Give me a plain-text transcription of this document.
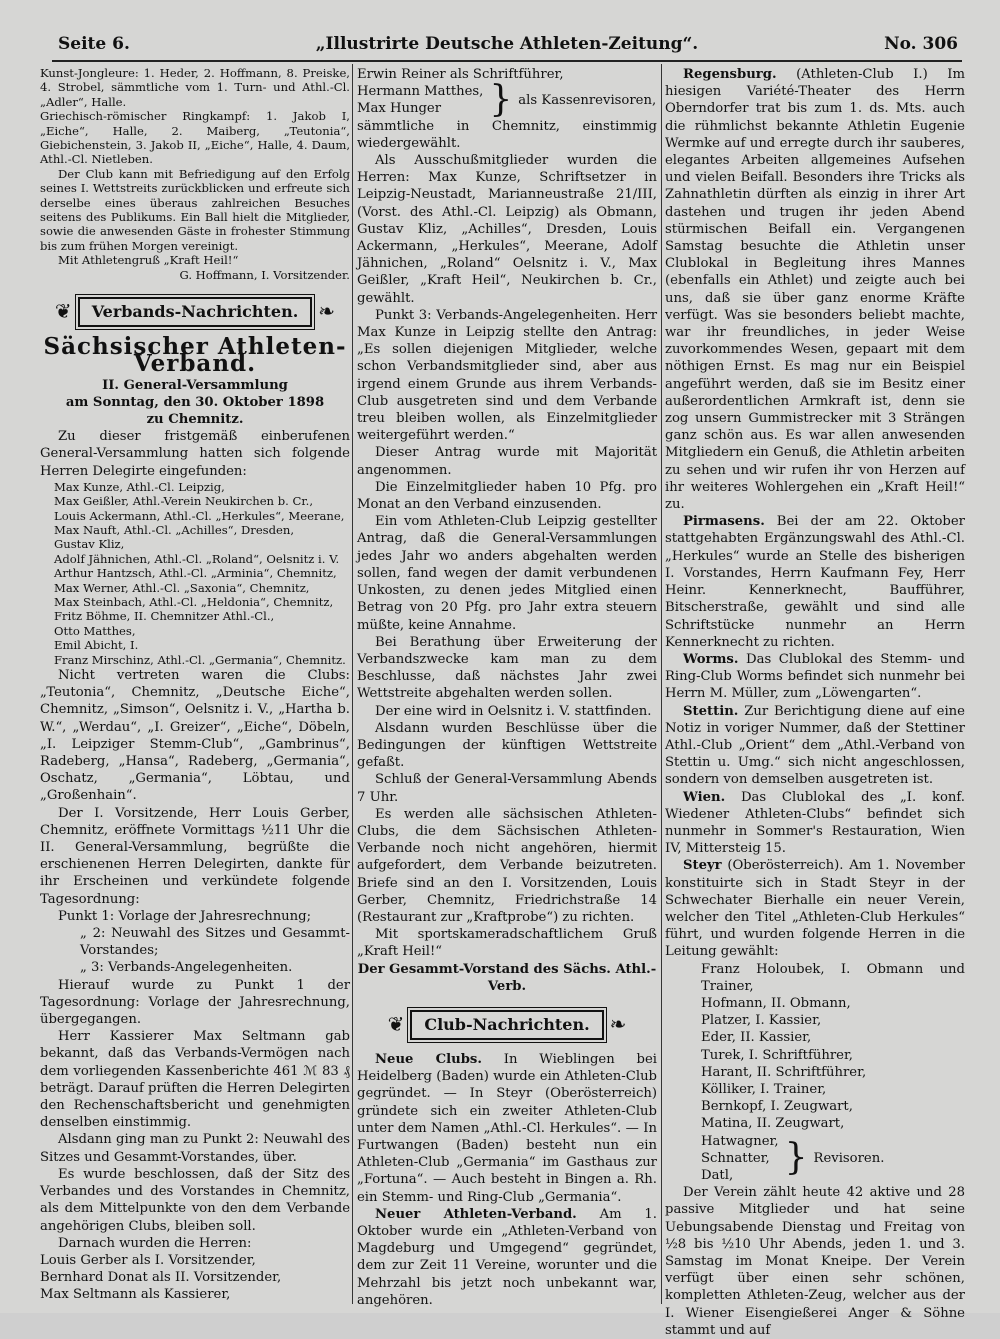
Seite 6.	„Illustrirte Deutsche Athleten-Zeitung“.	No. 306

Kunst-Jongleure: 1. Heder, 2. Hoffmann, 8. Preiske, 4. Strobel, sämmtliche vom 1. Turn- und Athl.-Cl. „Adler“, Halle.

Griechisch-römischer Ringkampf: 1. Jakob I, „Eiche“, Halle, 2. Maiberg, „Teutonia“, Giebichenstein, 3. Jakob II, „Eiche“, Halle, 4. Daum, Athl.-Cl. Nietleben.

Der Club kann mit Befriedigung auf den Erfolg seines I. Wettstreits zurückblicken und erfreute sich derselbe eines überaus zahlreichen Besuches seitens des Publikums. Ein Ball hielt die Mitglieder, sowie die anwesenden Gäste in frohester Stimmung bis zum frühen Morgen vereinigt.

Mit Athletengruß „Kraft Heil!“

G. Hoffmann, I. Vorsitzender.

❦	Verbands-Nachrichten.	❧
Sächsischer Athleten-Verband.
II. General-Versammlung
am Sonntag, den 30. Oktober 1898
zu Chemnitz.

Zu dieser fristgemäß einberufenen General-Versammlung hatten sich folgende Herren Delegirte eingefunden:

Max Kunze, Athl.-Cl. Leipzig,
Max Geißler, Athl.-Verein Neukirchen b. Cr.,
Louis Ackermann, Athl.-Cl. „Herkules“, Meerane,
Max Nauft, Athl.-Cl. „Achilles“, Dresden,
Gustav Kliz,
Adolf Jähnichen, Athl.-Cl. „Roland“, Oelsnitz i. V.
Arthur Hantzsch, Athl.-Cl. „Arminia“, Chemnitz,
Max Werner, Athl.-Cl. „Saxonia“, Chemnitz,
Max Steinbach, Athl.-Cl. „Heldonia“, Chemnitz,
Fritz Böhme, II. Chemnitzer Athl.-Cl.,
Otto Matthes,
Emil Abicht, I.
Franz Mirschinz, Athl.-Cl. „Germania“, Chemnitz.

Nicht vertreten waren die Clubs: „Teutonia“, Chemnitz, „Deutsche Eiche“, Chemnitz, „Simson“, Oelsnitz i. V., „Hartha b. W.“, „Werdau“, „I. Greizer“, „Eiche“, Döbeln, „I. Leipziger Stemm-Club“, „Gambrinus“, Radeberg, „Hansa“, Radeberg, „Germania“, Oschatz, „Germania“, Löbtau, und „Großenhain“.

Der I. Vorsitzende, Herr Louis Gerber, Chemnitz, eröffnete Vormittags ½11 Uhr die II. General-Versammlung, begrüßte die erschienenen Herren Delegirten, dankte für ihr Erscheinen und verkündete folgende Tagesordnung:

Punkt 1: Vorlage der Jahresrechnung;
„ 2: Neuwahl des Sitzes und Gesammt-Vorstandes;
„ 3: Verbands-Angelegenheiten.

Hierauf wurde zu Punkt 1 der Tagesordnung: Vorlage der Jahresrechnung, übergegangen.

Herr Kassierer Max Seltmann gab bekannt, daß das Verbands-Vermögen nach dem vorliegenden Kassenberichte 461 ℳ 83 ₰ beträgt. Darauf prüften die Herren Delegirten den Rechenschaftsbericht und genehmigten denselben einstimmig.

Alsdann ging man zu Punkt 2: Neuwahl des Sitzes und Gesammt-Vorstandes, über.

Es wurde beschlossen, daß der Sitz des Verbandes und des Vorstandes in Chemnitz, als dem Mittelpunkte von den dem Verbande angehörigen Clubs, bleiben soll.

Darnach wurden die Herren:

Louis Gerber als I. Vorsitzender,
Bernhard Donat als II. Vorsitzender,
Max Seltmann als Kassierer,
Erwin Reiner als Schriftführer,
Hermann Matthes,
Max Hunger	} als Kassenrevisoren,

sämmtliche in Chemnitz, einstimmig wiedergewählt.

Als Ausschußmitglieder wurden die Herren: Max Kunze, Schriftsetzer in Leipzig-Neustadt, Marianneustraße 21/III, (Vorst. des Athl.-Cl. Leipzig) als Obmann, Gustav Kliz, „Achilles“, Dresden, Louis Ackermann, „Herkules“, Meerane, Adolf Jähnichen, „Roland“ Oelsnitz i. V., Max Geißler, „Kraft Heil“, Neukirchen b. Cr., gewählt.

Punkt 3: Verbands-Angelegenheiten. Herr Max Kunze in Leipzig stellte den Antrag: „Es sollen diejenigen Mitglieder, welche schon Verbandsmitglieder sind, aber aus irgend einem Grunde aus ihrem Verbands-Club ausgetreten sind und dem Verbande treu bleiben wollen, als Einzelmitglieder weitergeführt werden.“

Dieser Antrag wurde mit Majorität angenommen.

Die Einzelmitglieder haben 10 Pfg. pro Monat an den Verband einzusenden.

Ein vom Athleten-Club Leipzig gestellter Antrag, daß die General-Versammlungen jedes Jahr wo anders abgehalten werden sollen, fand wegen der damit verbundenen Unkosten, zu denen jedes Mitglied einen Betrag von 20 Pfg. pro Jahr extra steuern müßte, keine Annahme.

Bei Berathung über Erweiterung der Verbandszwecke kam man zu dem Beschlusse, daß nächstes Jahr zwei Wettstreite abgehalten werden sollen.

Der eine wird in Oelsnitz i. V. stattfinden.

Alsdann wurden Beschlüsse über die Bedingungen der künftigen Wettstreite gefaßt.

Schluß der General-Versammlung Abends 7 Uhr.

Es werden alle sächsischen Athleten-Clubs, die dem Sächsischen Athleten-Verbande noch nicht angehören, hiermit aufgefordert, dem Verbande beizutreten. Briefe sind an den I. Vorsitzenden, Louis Gerber, Chemnitz, Friedrichstraße 14 (Restaurant zur „Kraftprobe“) zu richten.

Mit sportskameradschaftlichem Gruß „Kraft Heil!“

Der Gesammt-Vorstand des Sächs. Athl.-Verb.

❦	Club-Nachrichten.	❧

Neue Clubs. In Wieblingen bei Heidelberg (Baden) wurde ein Athleten-Club gegründet. — In Steyr (Oberösterreich) gründete sich ein zweiter Athleten-Club unter dem Namen „Athl.-Cl. Herkules“. — In Furtwangen (Baden) besteht nun ein Athleten-Club „Germania“ im Gasthaus zur „Fortuna“. — Auch besteht in Bingen a. Rh. ein Stemm- und Ring-Club „Germania“.

Neuer Athleten-Verband. Am 1. Oktober wurde ein „Athleten-Verband von Magdeburg und Umgegend“ gegründet, dem zur Zeit 11 Vereine, worunter und die Mehrzahl bis jetzt noch unbekannt war, angehören.

Regensburg. (Athleten-Club I.) Im hiesigen Variété-Theater des Herrn Oberndorfer trat bis zum 1. ds. Mts. auch die rühmlichst bekannte Athletin Eugenie Wermke auf und erregte durch ihr sauberes, elegantes Arbeiten allgemeines Aufsehen und vielen Beifall. Besonders ihre Tricks als Zahnathletin dürften als einzig in ihrer Art dastehen und trugen ihr jeden Abend stürmischen Beifall ein. Vergangenen Samstag besuchte die Athletin unser Clublokal in Begleitung ihres Mannes (ebenfalls ein Athlet) und zeigte auch bei uns, daß sie über ganz enorme Kräfte verfügt. Was sie besonders beliebt machte, war ihr freundliches, in jeder Weise zuvorkommendes Wesen, gepaart mit dem nöthigen Ernst. Es mag nur ein Beispiel angeführt werden, daß sie im Besitz einer außerordentlichen Armkraft ist, denn sie zog unsern Gummistrecker mit 3 Strängen ganz schön aus. Es war allen anwesenden Mitgliedern ein Genuß, die Athletin arbeiten zu sehen und wir rufen ihr von Herzen auf ihr weiteres Wohlergehen ein „Kraft Heil!“ zu.

Pirmasens. Bei der am 22. Oktober stattgehabten Ergänzungswahl des Athl.-Cl. „Herkules“ wurde an Stelle des bisherigen I. Vorstandes, Herrn Kaufmann Fey, Herr Heinr. Kennerknecht, Baufführer, Bitscherstraße, gewählt und sind alle Schriftstücke nunmehr an Herrn Kennerknecht zu richten.

Worms. Das Clublokal des Stemm- und Ring-Club Worms befindet sich nunmehr bei Herrn M. Müller, zum „Löwengarten“.

Stettin. Zur Berichtigung diene auf eine Notiz in voriger Nummer, daß der Stettiner Athl.-Club „Orient“ dem „Athl.-Verband von Stettin u. Umg.“ sich nicht angeschlossen, sondern von demselben ausgetreten ist.

Wien. Das Clublokal des „I. konf. Wiedener Athleten-Clubs“ befindet sich nunmehr in Sommer's Restauration, Wien IV, Mittersteig 15.

Steyr (Oberösterreich). Am 1. November konstituirte sich in Stadt Steyr in der Schwechater Bierhalle ein neuer Verein, welcher den Titel „Athleten-Club Herkules“ führt, und wurden folgende Herren in die Leitung gewählt:

Franz Holoubek, I. Obmann und Trainer,
Hofmann, II. Obmann,
Platzer, I. Kassier,
Eder, II. Kassier,
Turek, I. Schriftführer,
Harant, II. Schriftführer,
Kölliker, I. Trainer,
Bernkopf, I. Zeugwart,
Matina, II. Zeugwart,
Hatwagner,
Schnatter,
Datl,	} Revisoren.

Der Verein zählt heute 42 aktive und 28 passive Mitglieder und hat seine Uebungsabende Dienstag und Freitag von ½8 bis ½10 Uhr Abends, jeden 1. und 3. Samstag im Monat Kneipe. Der Verein verfügt über einen sehr schönen, kompletten Athleten-Zeug, welcher aus der I. Wiener Eisengießerei Anger & Söhne stammt und auf
